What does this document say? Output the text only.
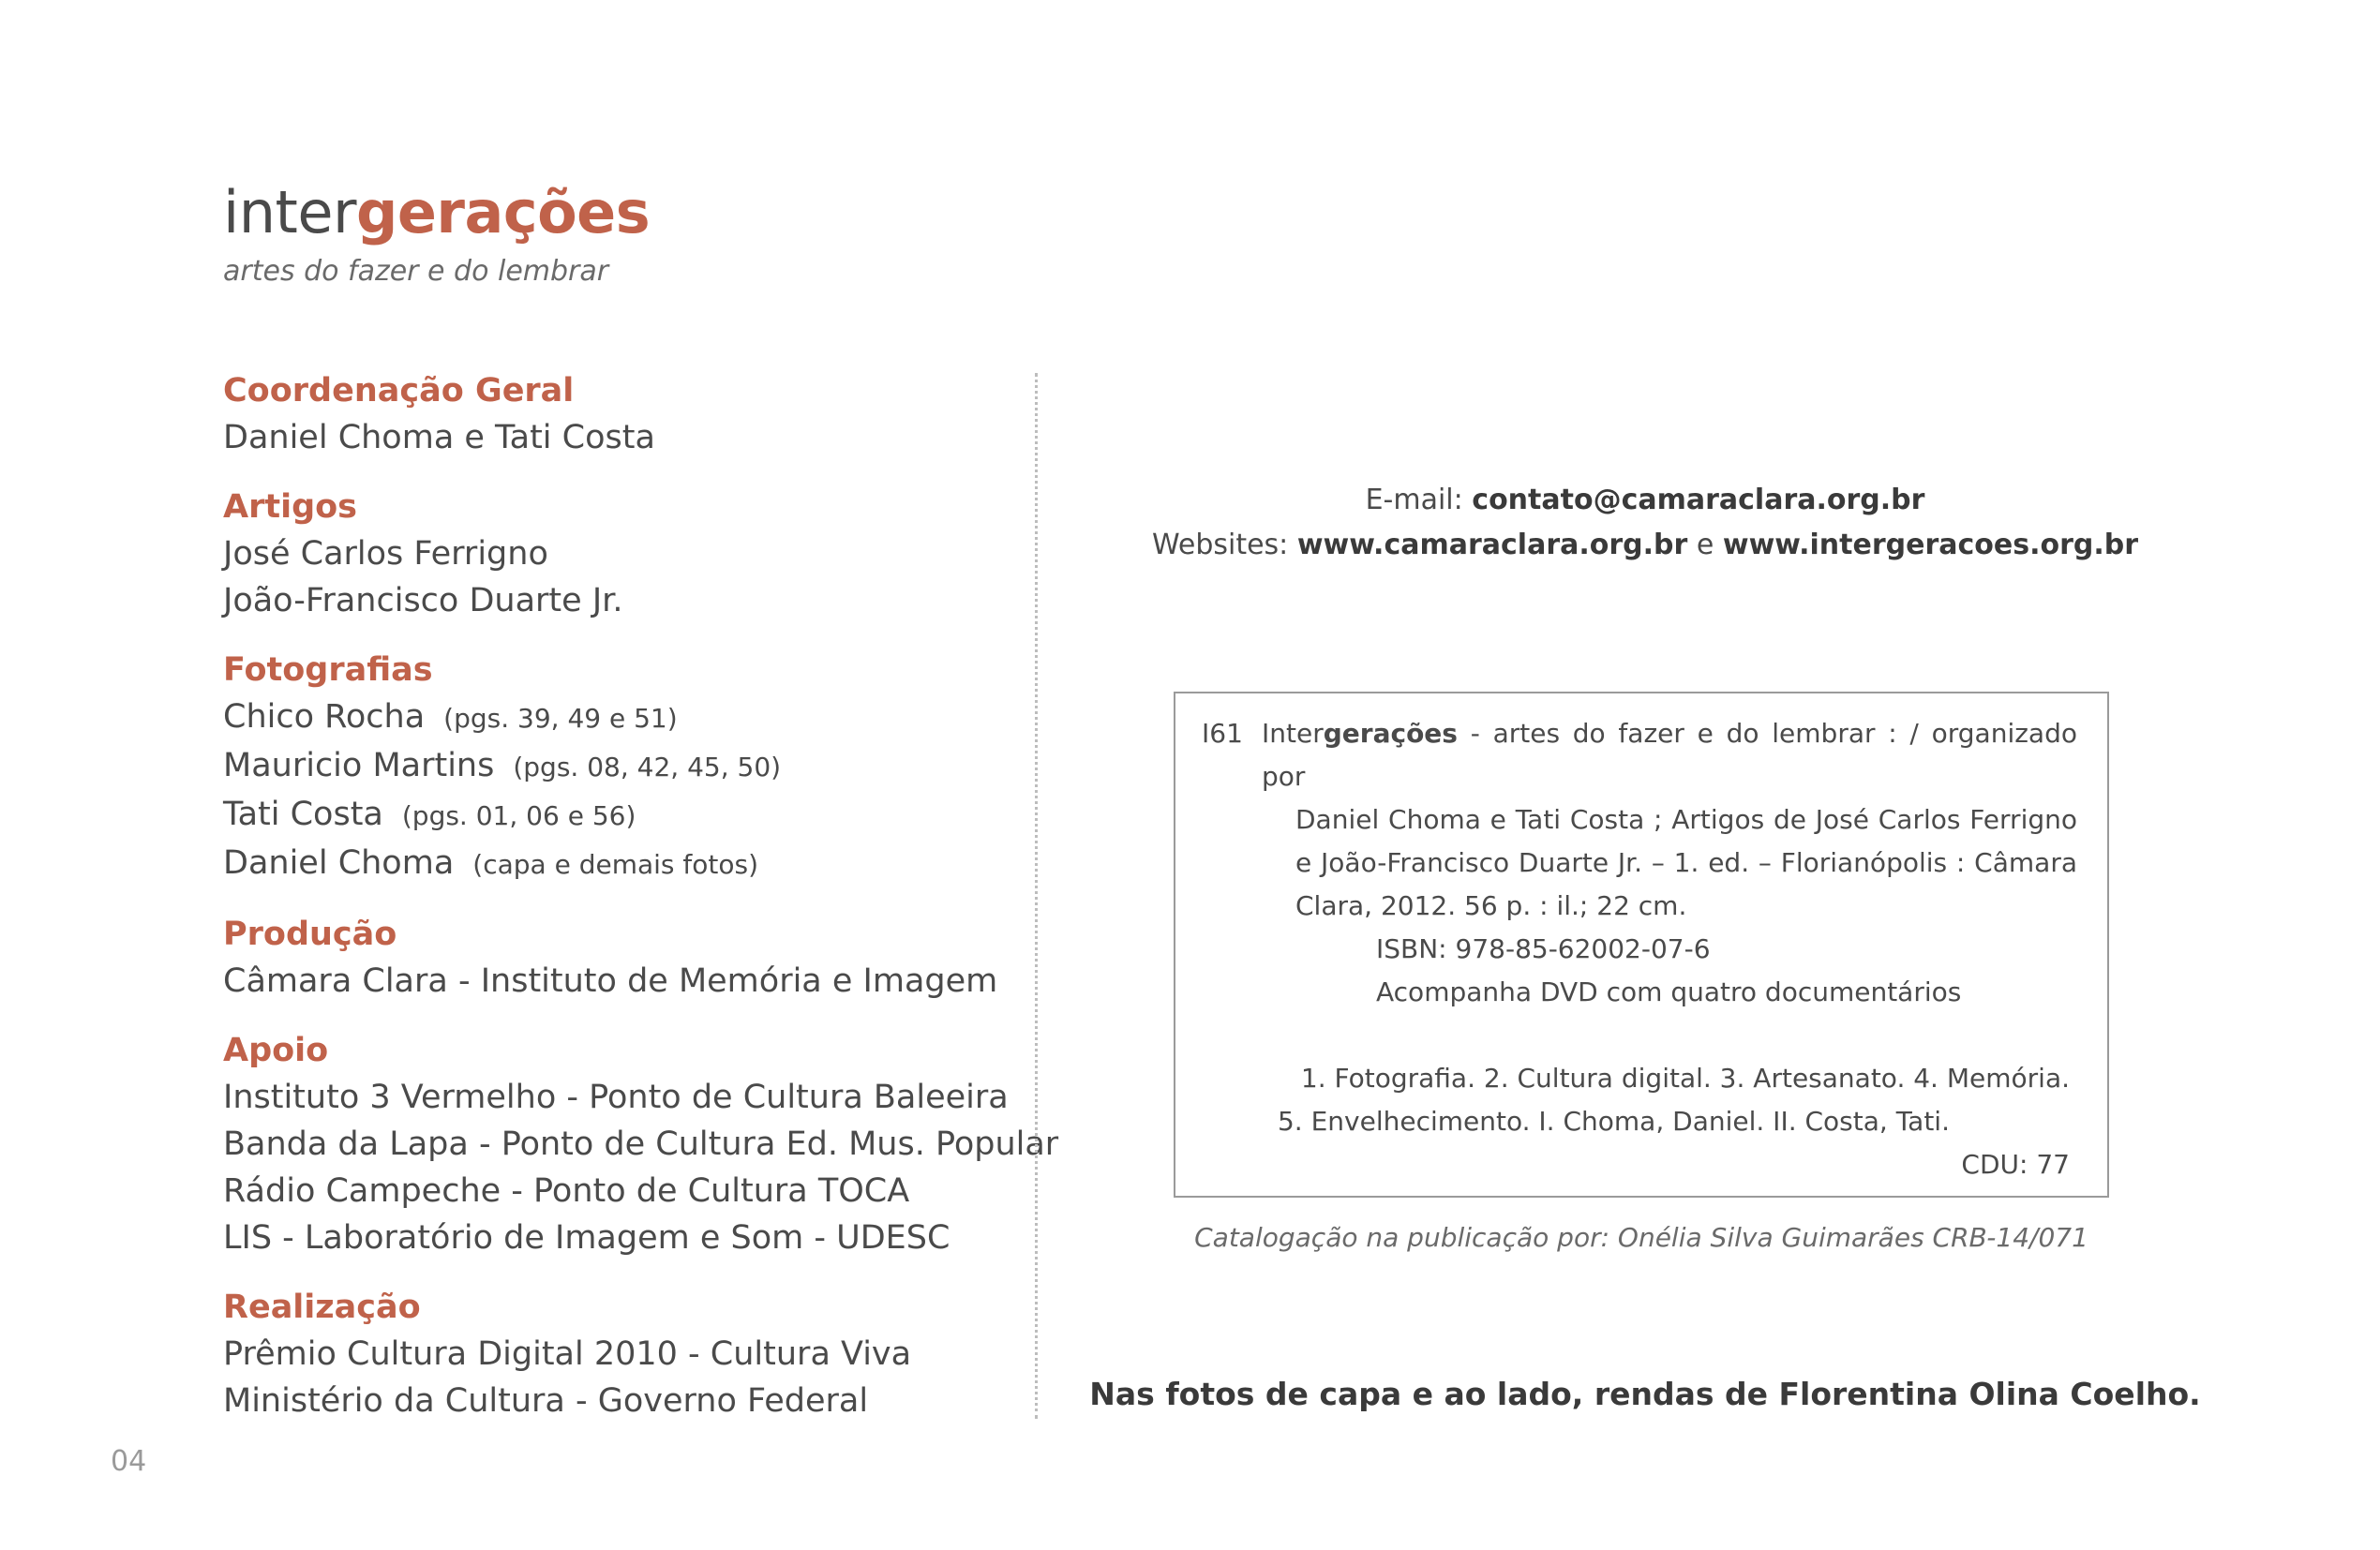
intergerações
artes do fazer e do lembrar
Coordenação Geral
Daniel Choma e Tati Costa
Artigos
José Carlos Ferrigno
João-Francisco Duarte Jr.
Fotografias
Chico Rocha (pgs. 39, 49 e 51)
Mauricio Martins (pgs. 08, 42, 45, 50)
Tati Costa (pgs. 01, 06 e 56)
Daniel Choma (capa e demais fotos)
Produção
Câmara Clara - Instituto de Memória e Imagem
Apoio
Instituto 3 Vermelho - Ponto de Cultura Baleeira
Banda da Lapa - Ponto de Cultura Ed. Mus. Popular
Rádio Campeche - Ponto de Cultura TOCA
LIS - Laboratório de Imagem e Som - UDESC
Realização
Prêmio Cultura Digital 2010 - Cultura Viva
Ministério da Cultura - Governo Federal
E-mail: contato@camaraclara.org.br
Websites: www.camaraclara.org.br e www.intergeracoes.org.br
I61 Intergerações - artes do fazer e do lembrar : / organizado por
Daniel Choma e Tati Costa ; Artigos de José Carlos Ferrigno e João-Francisco Duarte Jr. – 1. ed. – Florianópolis : Câmara Clara, 2012. 56 p. : il.; 22 cm.
ISBN: 978-85-62002-07-6
Acompanha DVD com quatro documentários
1. Fotografia. 2. Cultura digital. 3. Artesanato. 4. Memória.
5. Envelhecimento. I. Choma, Daniel. II. Costa, Tati.
CDU: 77
Catalogação na publicação por: Onélia Silva Guimarães CRB-14/071
Nas fotos de capa e ao lado, rendas de Florentina Olina Coelho.
04
